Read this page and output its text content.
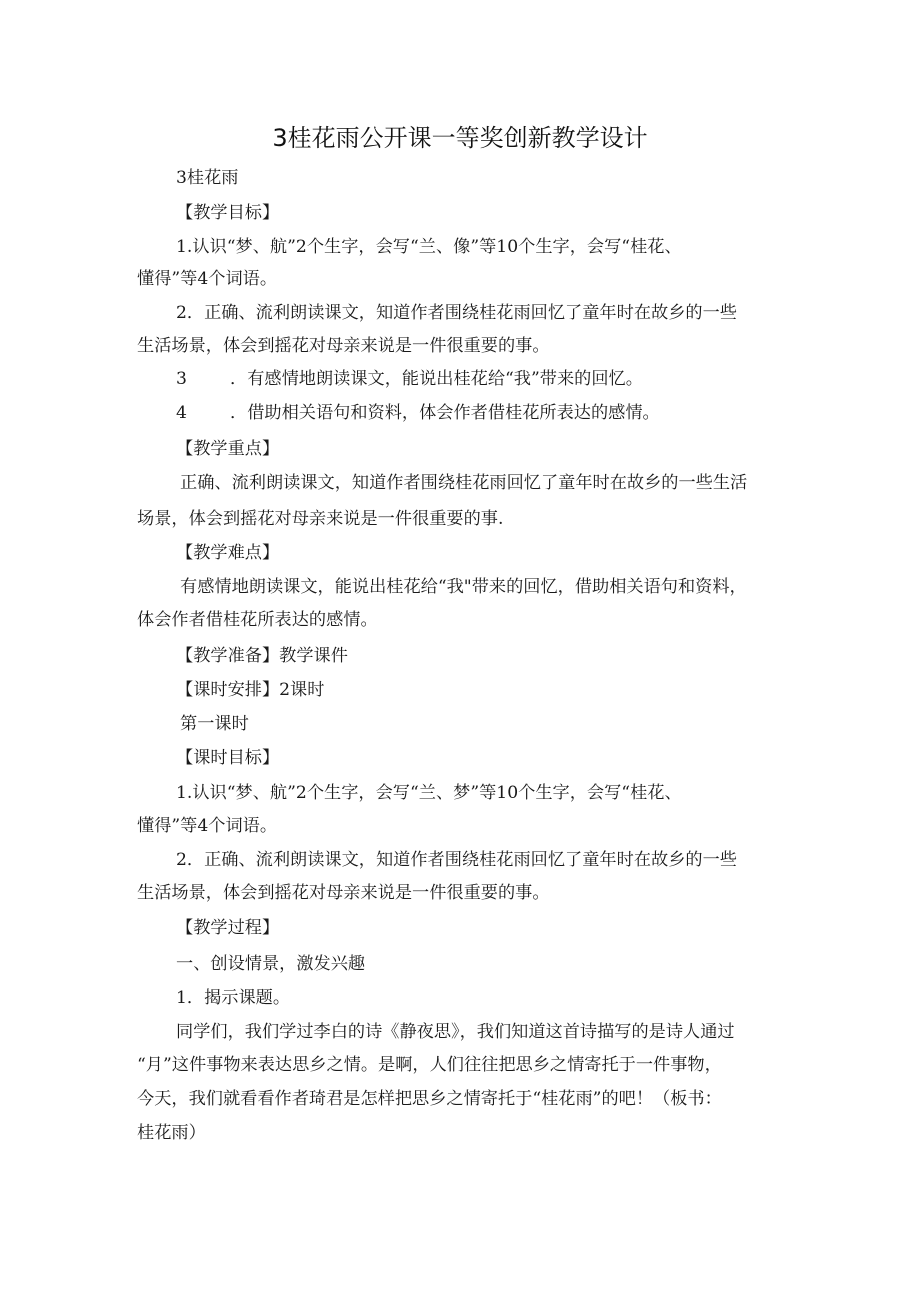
3桂花雨公开课一等奖创新教学设计
3桂花雨
【教学目标】
1.认识“梦、航”2个生字，会写“兰、像”等10个生字，会写“桂花、
懂得”等4个词语。
2．正确、流利朗读课文，知道作者围绕桂花雨回忆了童年时在故乡的一些
生活场景，体会到摇花对母亲来说是一件很重要的事。
3	．有感情地朗读课文，能说出桂花给“我”带来的回忆。
4	．借助相关语句和资料，体会作者借桂花所表达的感情。
【教学重点】
正确、流利朗读课文，知道作者围绕桂花雨回忆了童年时在故乡的一些生活
场景，体会到摇花对母亲来说是一件很重要的事.
【教学难点】
有感情地朗读课文，能说出桂花给“我"带来的回忆，借助相关语句和资料，
体会作者借桂花所表达的感情。
【教学准备】教学课件
【课时安排】2课时
第一课时
【课时目标】
1.认识“梦、航”2个生字，会写“兰、梦”等10个生字，会写“桂花、
懂得”等4个词语。
2．正确、流利朗读课文，知道作者围绕桂花雨回忆了童年时在故乡的一些
生活场景，体会到摇花对母亲来说是一件很重要的事。
【教学过程】
一、创设情景，激发兴趣
1．揭示课题。
同学们，我们学过李白的诗《静夜思》，我们知道这首诗描写的是诗人通过
“月”这件事物来表达思乡之情。是啊，人们往往把思乡之情寄托于一件事物，
今天，我们就看看作者琦君是怎样把思乡之情寄托于“桂花雨”的吧！（板书：
桂花雨）
